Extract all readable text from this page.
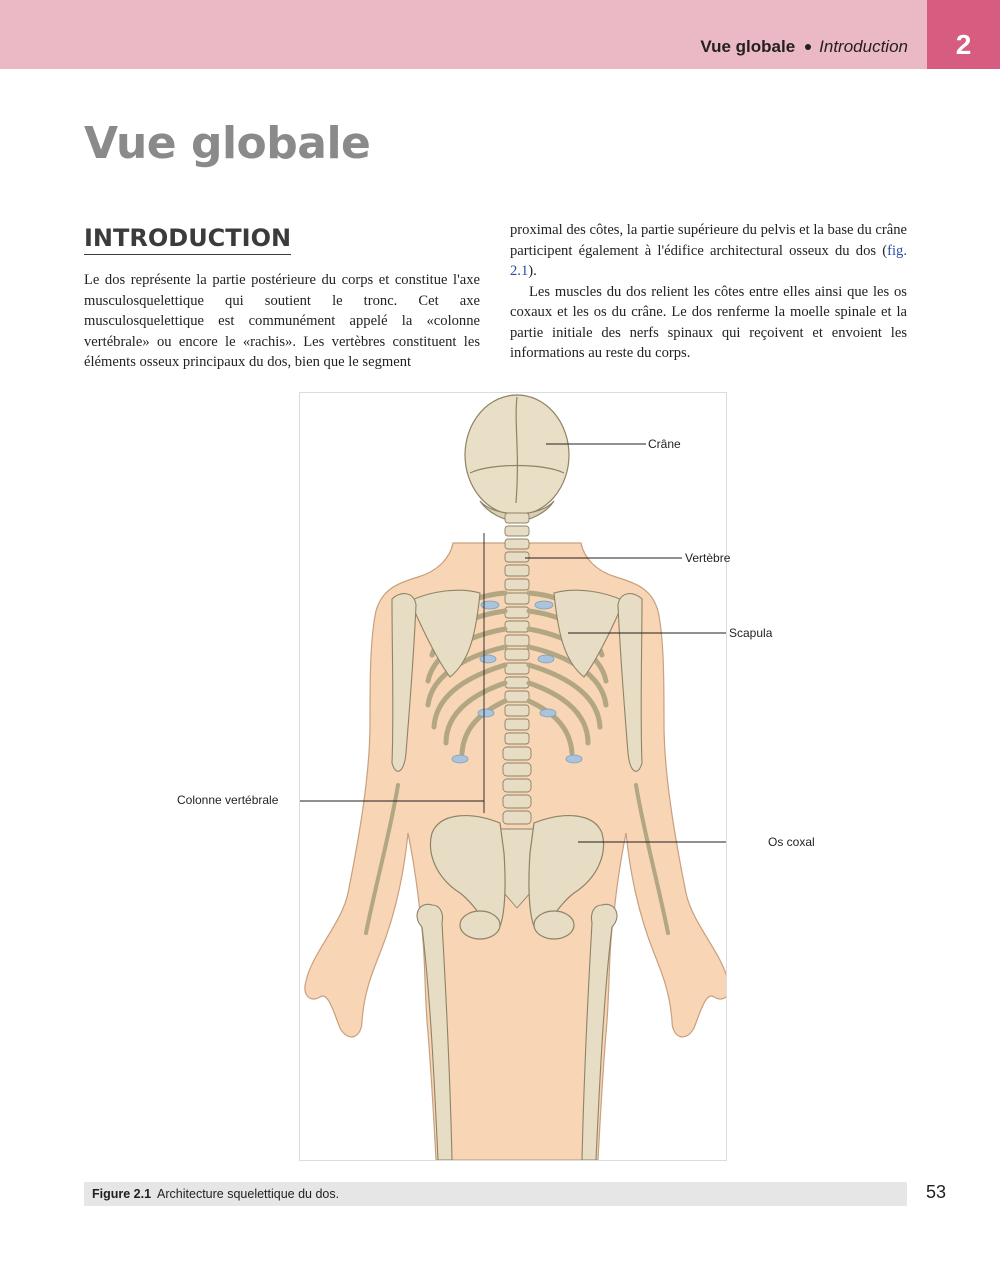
Vue globale Introduction	2
Vue globale
INTRODUCTION

Le dos représente la partie postérieure du corps et constitue l'axe musculosquelettique qui soutient le tronc. Cet axe musculosquelettique est communément appelé la «colonne vertébrale» ou encore le «rachis». Les vertèbres constituent les éléments osseux principaux du dos, bien que le segment

proximal des côtes, la partie supérieure du pelvis et la base du crâne participent également à l'édifice architectural osseux du dos (fig. 2.1).

Les muscles du dos relient les côtes entre elles ainsi que les os coxaux et les os du crâne. Le dos renferme la moelle spinale et la partie initiale des nerfs spinaux qui reçoivent et envoient les informations au reste du corps.

Crâne
Vertèbre
Scapula
Colonne vertébrale
Os coxal
Figure 2.1 Architecture squelettique du dos.	53
